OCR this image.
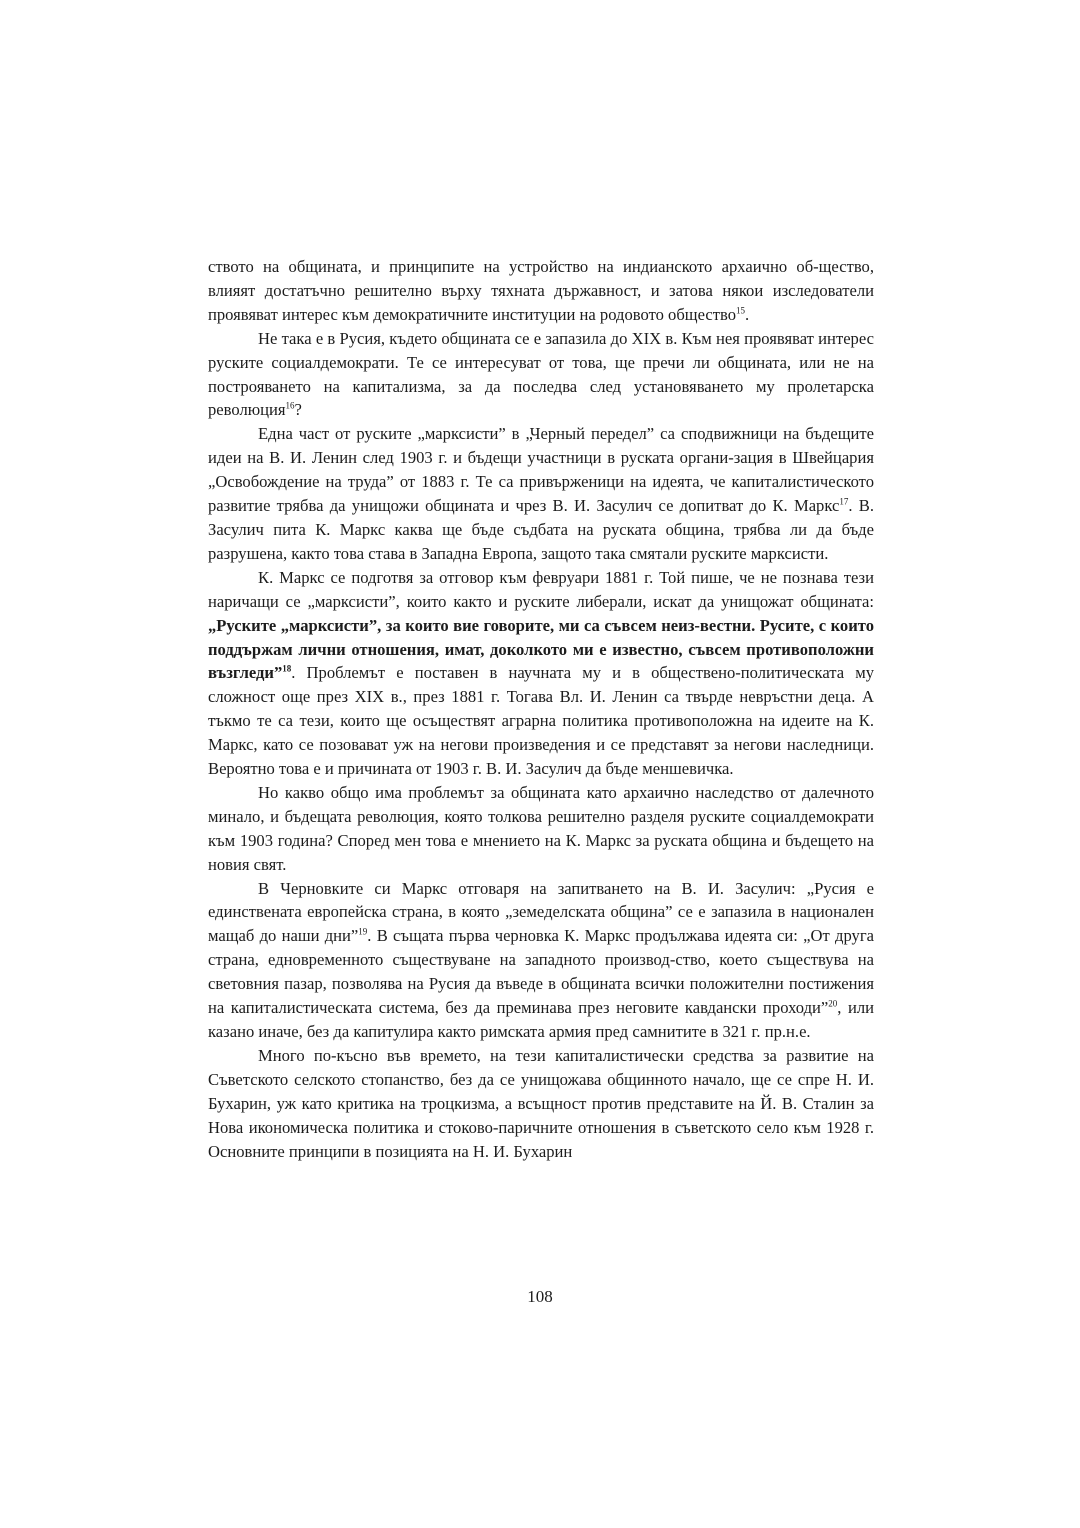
ството на общината, и принципите на устройство на индианското архаично об-щество, влияят достатъчно решително върху тяхната държавност, и затова някои изследователи проявяват интерес към демократичните институции на родовото общество$^{15}$.

Не така е в Русия, където общината се е запазила до XIX в. Към нея проявяват интерес руските социалдемократи. Те се интересуват от това, ще пречи ли общината, или не на построяването на капитализма, за да последва след установяването му пролетарска революция$^{16}$?

Една част от руските „марксисти” в „Черный передел” са сподвижници на бъдещите идеи на В. И. Ленин след 1903 г. и бъдещи участници в руската органи-зация в Швейцария „Освобождение на труда” от 1883 г. Те са привърженици на идеята, че капиталистическото развитие трябва да унищожи общината и чрез В. И. Засулич се допитват до К. Маркс$^{17}$. В. Засулич пита К. Маркс каква ще бъде съдбата на руската община, трябва ли да бъде разрушена, както това става в Западна Европа, защото така смятали руските марксисти.

К. Маркс се подготвя за отговор към февруари 1881 г. Той пише, че не познава тези наричащи се „марксисти”, които както и руските либерали, искат да унищожат общината: „Руските „марксисти”, за които вие говорите, ми са съвсем неиз-вестни. Русите, с които поддържам лични отношения, имат, доколкото ми е известно, съвсем противоположни възгледи”$^{18}$. Проблемът е поставен в научната му и в обществено-политическата му сложност още през XIX в., през 1881 г. Тогава Вл. И. Ленин са твърде невръстни деца. А тъкмо те са тези, които ще осъществят аграрна политика противоположна на идеите на К. Маркс, като се позовават уж на негови произведения и се представят за негови наследници. Вероятно това е и причината от 1903 г. В. И. Засулич да бъде меншевичка.

Но какво общо има проблемът за общината като архаично наследство от далечното минало, и бъдещата революция, която толкова решително разделя руските социалдемократи към 1903 година? Според мен това е мнението на К. Маркс за руската община и бъдещето на новия свят.

В Черновките си Маркс отговаря на запитването на В. И. Засулич: „Русия е единствената европейска страна, в която „земеделската община” се е запазила в национален мащаб до наши дни”$^{19}$. В същата първа черновка К. Маркс продължава идеята си: „От друга страна, едновременното съществуване на западното производ-ство, което съществува на световния пазар, позволява на Русия да въведе в общината всички положителни постижения на капиталистическата система, без да преминава през неговите кавдански проходи”$^{20}$, или казано иначе, без да капитулира както римската армия пред самнитите в 321 г. пр.н.е.

Много по-късно във времето, на тези капиталистически средства за развитие на Съветското селското стопанство, без да се унищожава общинното начало, ще се спре Н. И. Бухарин, уж като критика на троцкизма, а всъщност против представите на Й. В. Сталин за Нова икономическа политика и стоково-паричните отношения в съветското село към 1928 г. Основните принципи в позицията на Н. И. Бухарин

108
